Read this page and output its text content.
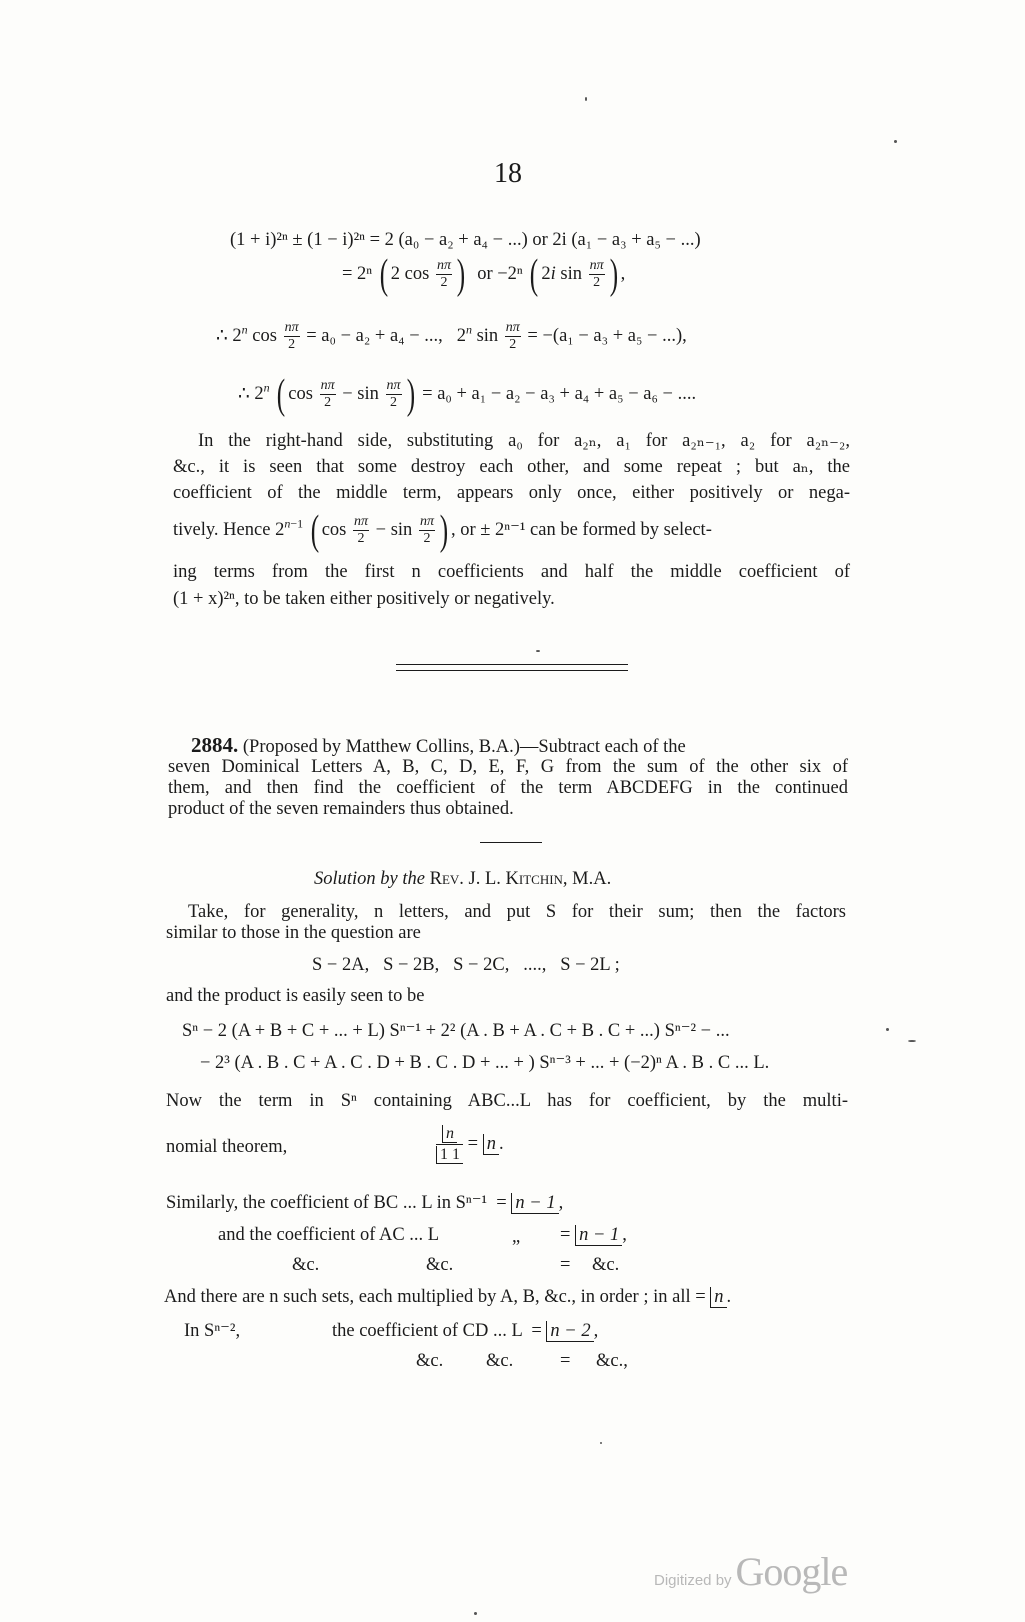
18
(1 + i)²ⁿ ± (1 − i)²ⁿ = 2 (a₀ − a₂ + a₄ − ...) or 2i (a₁ − a₃ + a₅ − ...)
= 2ⁿ ( 2 $\cos \frac{n\pi}{2}$ ) or −2ⁿ ( 2i $\sin \frac{n\pi}{2}$ ) ,
∴ 2$^n$ $\cos \frac{n\pi}{2} = a_0 - a_2 + a_4$ − ...,   2$^n$ $\sin \frac{n\pi}{2} = -(a_1 - a_3 + a_5$ − ...),
∴ 2$^n$ ( $\cos \frac{n\pi}{2} - \sin \frac{n\pi}{2}$ ) = a₀ + a₁ − a₂ − a₃ + a₄ + a₅ − a₆ − ....
In the right-hand side, substituting a₀ for a₂ₙ, a₁ for a₂ₙ₋₁, a₂ for a₂ₙ₋₂,
&c., it is seen that some destroy each other, and some repeat ; but aₙ, the
coefficient of the middle term, appears only once, either positively or nega-
tively. Hence $2^{n-1}$ ( $\cos \frac{n\pi}{2} - \sin \frac{n\pi}{2}$ ) , or ± 2ⁿ⁻¹ can be formed by select-
ing terms from the first n coefficients and half the middle coefficient of
(1 + x)²ⁿ, to be taken either positively or negatively.
2884. (Proposed by Matthew Collins, B.A.)—Subtract each of the
seven Dominical Letters A, B, C, D, E, F, G from the sum of the other six of
them, and then find the coefficient of the term ABCDEFG in the continued
product of the seven remainders thus obtained.
Solution by the Rev. J. L. Kitchin, M.A.
Take, for generality, n letters, and put S for their sum; then the factors
similar to those in the question are
S − 2A,   S − 2B,   S − 2C,   ....,   S − 2L ;
and the product is easily seen to be
Sⁿ − 2 (A + B + C + ... + L) Sⁿ⁻¹ + 2² (A . B + A . C + B . C + ...) Sⁿ⁻² − ...
− 2³ (A . B . C + A . C . D + B . C . D + ... + ) Sⁿ⁻³ + ... + (−2)ⁿ A . B . C ... L.
Now the term in Sⁿ containing ABC...L has for coefficient, by the multi-
nomial theorem,	$\frac{n}{1 1} = n$ .
Similarly, the coefficient of BC ... L in Sⁿ⁻¹  = n − 1 ,
and the coefficient of AC ... L	„ = n − 1 ,
&c.	&c.	= &c.
And there are n such sets, each multiplied by A, B, &c., in order ; in all = n .
In Sⁿ⁻²,	the coefficient of CD ... L  = n − 2 ,
&c. &c.	= &c.,
Digitized by Google
